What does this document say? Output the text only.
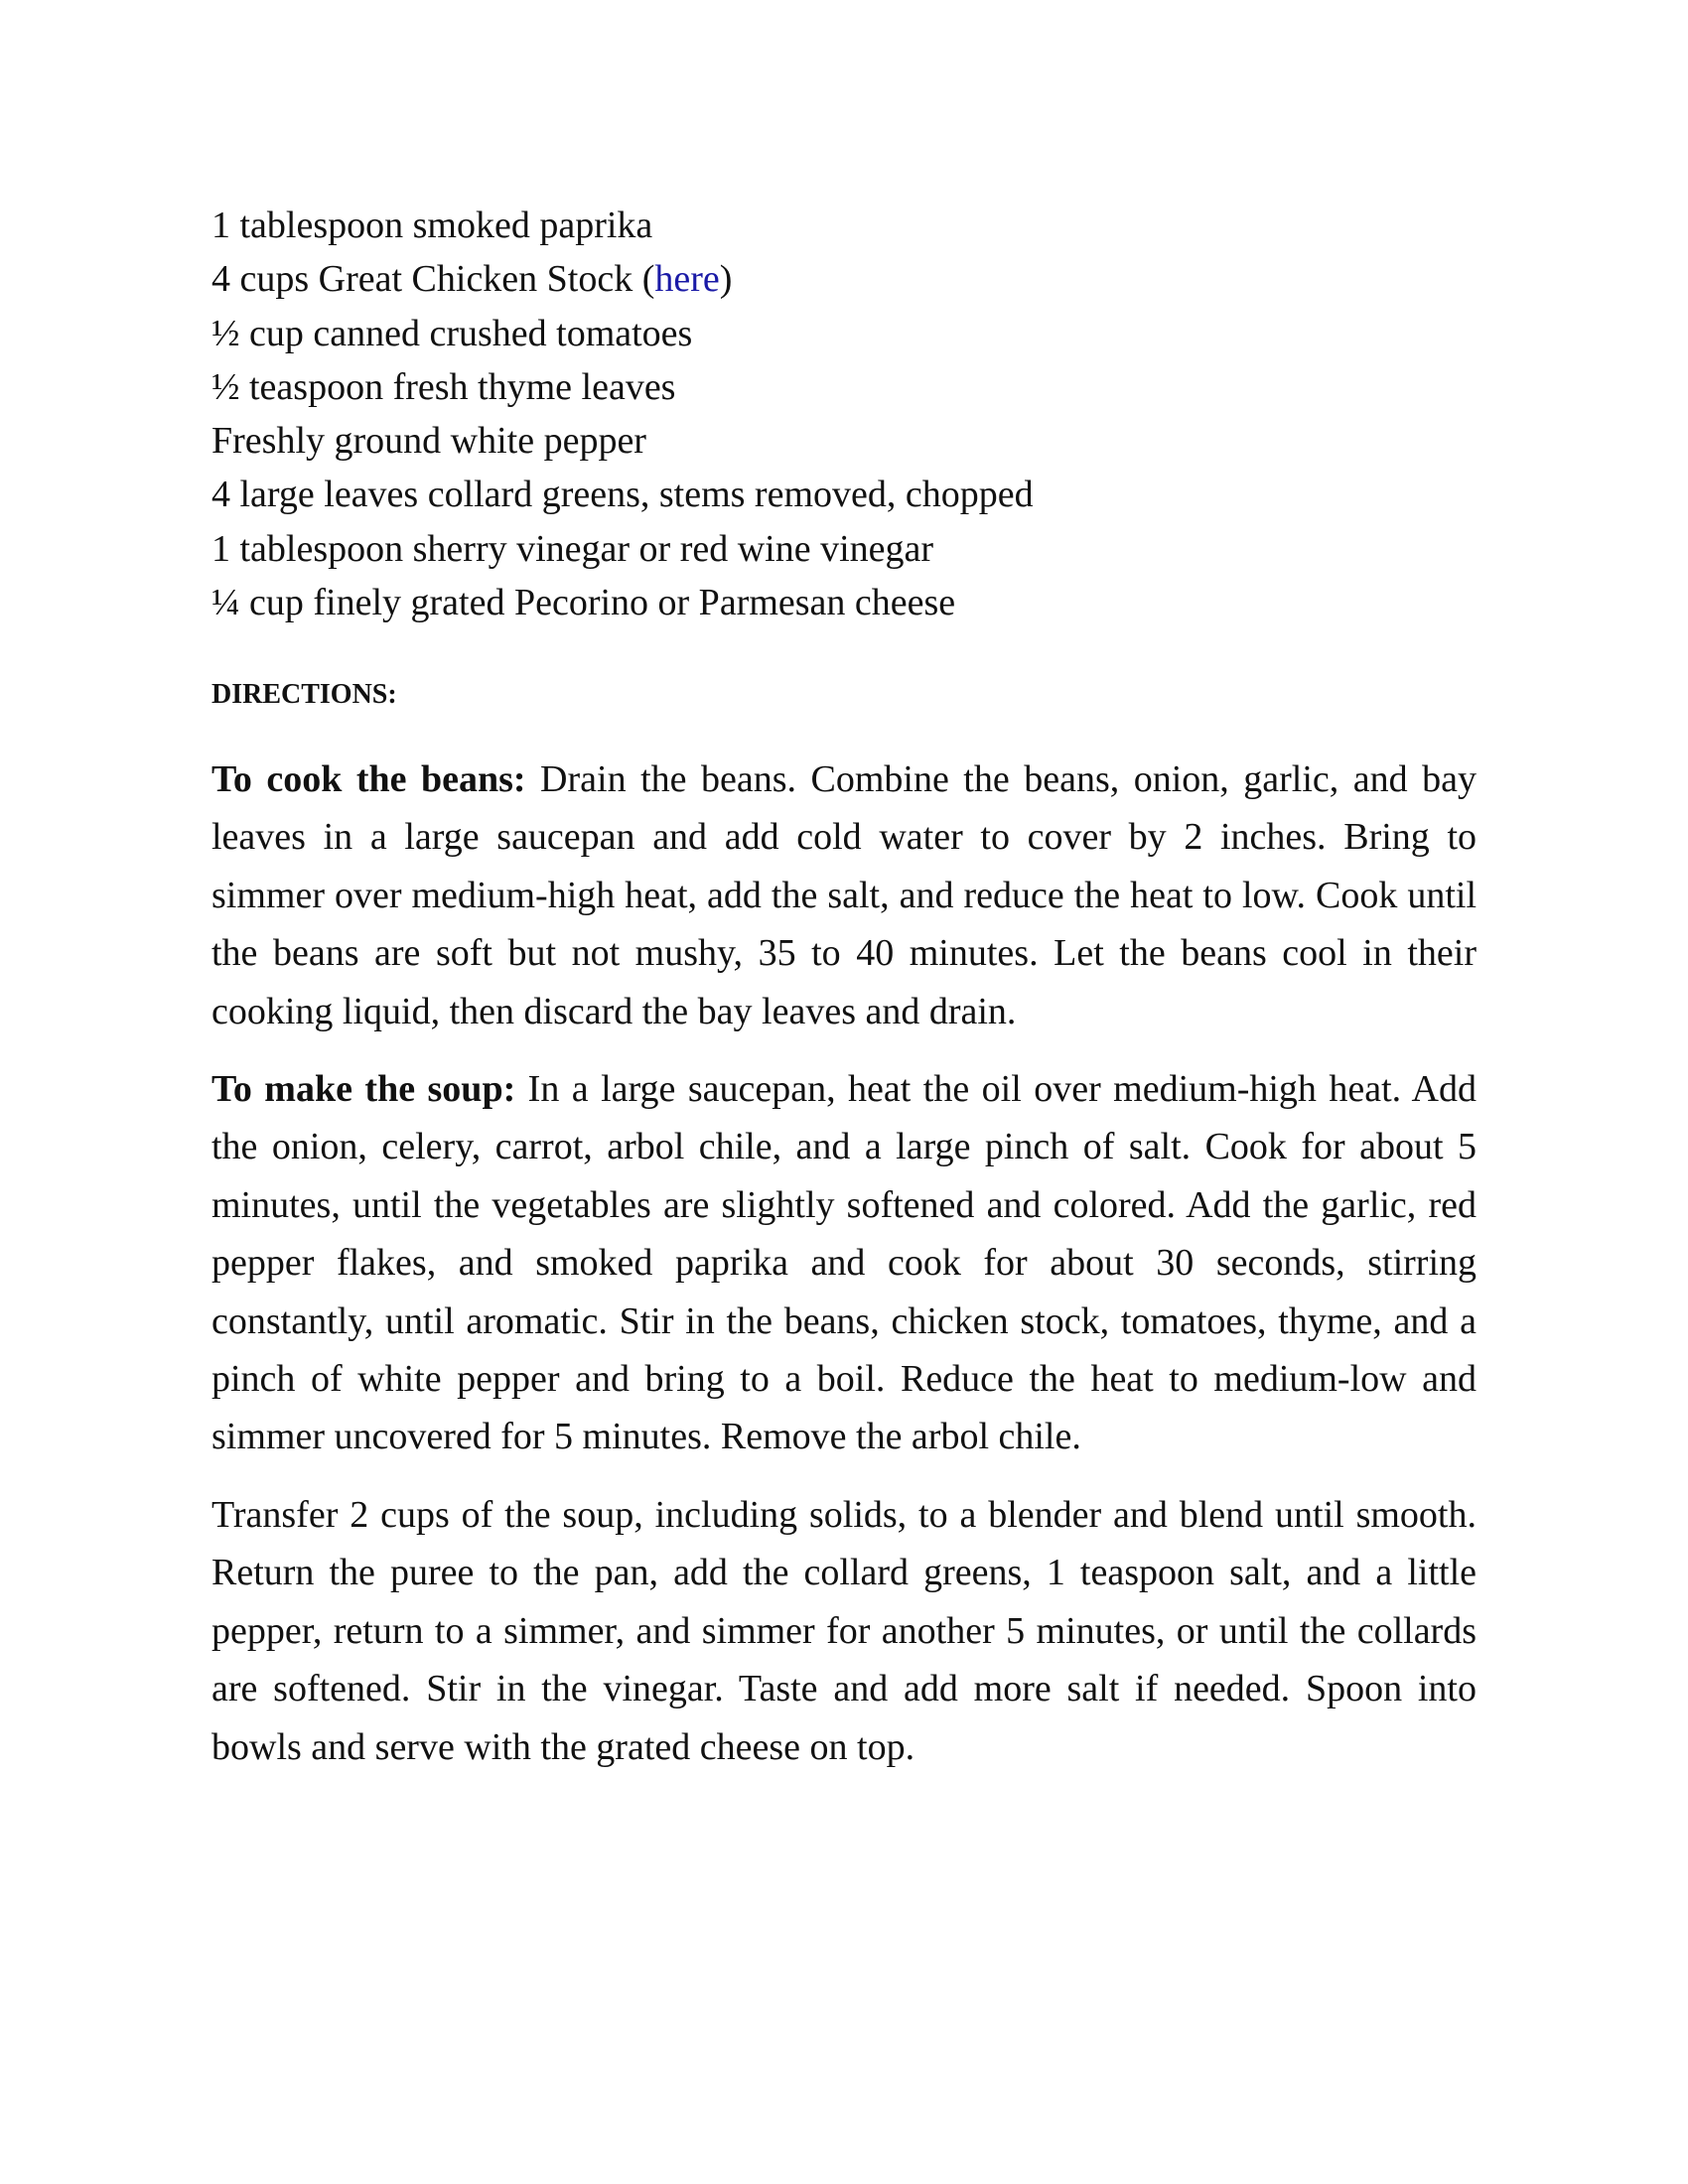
1 tablespoon smoked paprika
4 cups Great Chicken Stock (here)
½ cup canned crushed tomatoes
½ teaspoon fresh thyme leaves
Freshly ground white pepper
4 large leaves collard greens, stems removed, chopped
1 tablespoon sherry vinegar or red wine vinegar
¼ cup finely grated Pecorino or Parmesan cheese
DIRECTIONS:

To cook the beans: Drain the beans. Combine the beans, onion, garlic, and bay leaves in a large saucepan and add cold water to cover by 2 inches. Bring to simmer over medium-high heat, add the salt, and reduce the heat to low. Cook until the beans are soft but not mushy, 35 to 40 minutes. Let the beans cool in their cooking liquid, then discard the bay leaves and drain.

To make the soup: In a large saucepan, heat the oil over medium-high heat. Add the onion, celery, carrot, arbol chile, and a large pinch of salt. Cook for about 5 minutes, until the vegetables are slightly softened and colored. Add the garlic, red pepper flakes, and smoked paprika and cook for about 30 seconds, stirring constantly, until aromatic. Stir in the beans, chicken stock, tomatoes, thyme, and a pinch of white pepper and bring to a boil. Reduce the heat to medium-low and simmer uncovered for 5 minutes. Remove the arbol chile.

Transfer 2 cups of the soup, including solids, to a blender and blend until smooth. Return the puree to the pan, add the collard greens, 1 teaspoon salt, and a little pepper, return to a simmer, and simmer for another 5 minutes, or until the collards are softened. Stir in the vinegar. Taste and add more salt if needed. Spoon into bowls and serve with the grated cheese on top.
